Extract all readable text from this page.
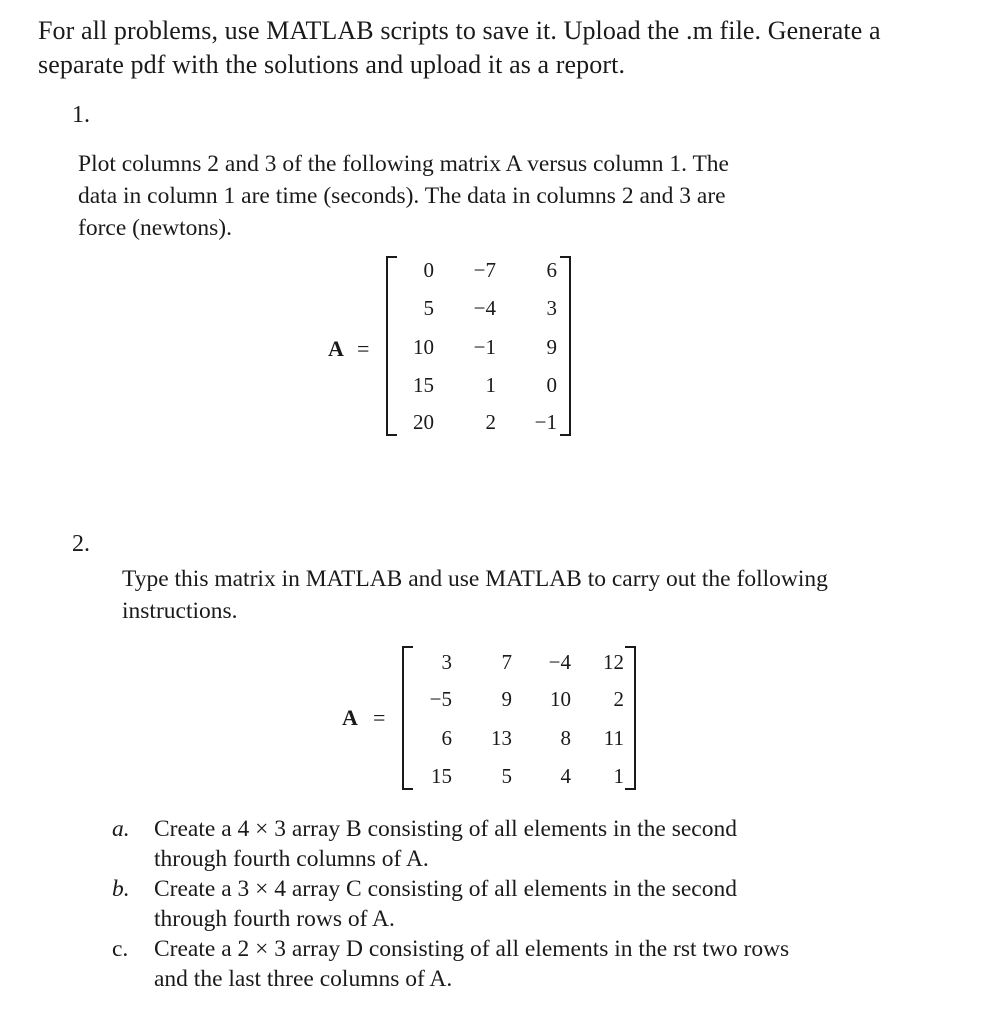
For all problems, use MATLAB scripts to save it. Upload the .m file. Generate a

separate pdf with the solutions and upload it as a report.

1.

Plot columns 2 and 3 of the following matrix A versus column 1. The

data in column 1 are time (seconds). The data in columns 2 and 3 are

force (newtons).

A =
0	−7	6
5	−4	3
10	−1	9
15	1	0
20	2	−1
2.

Type this matrix in MATLAB and use MATLAB to carry out the following

instructions.

A =
3	7	−4	12
−5	9	10	2
6	13	8	11
15	5	4	1
a.	Create a 4 × 3 array B consisting of all elements in the second

through fourth columns of A.

b.	Create a 3 × 4 array C consisting of all elements in the second

through fourth rows of A.

c.	Create a 2 × 3 array D consisting of all elements in the rst two rows

and the last three columns of A.
